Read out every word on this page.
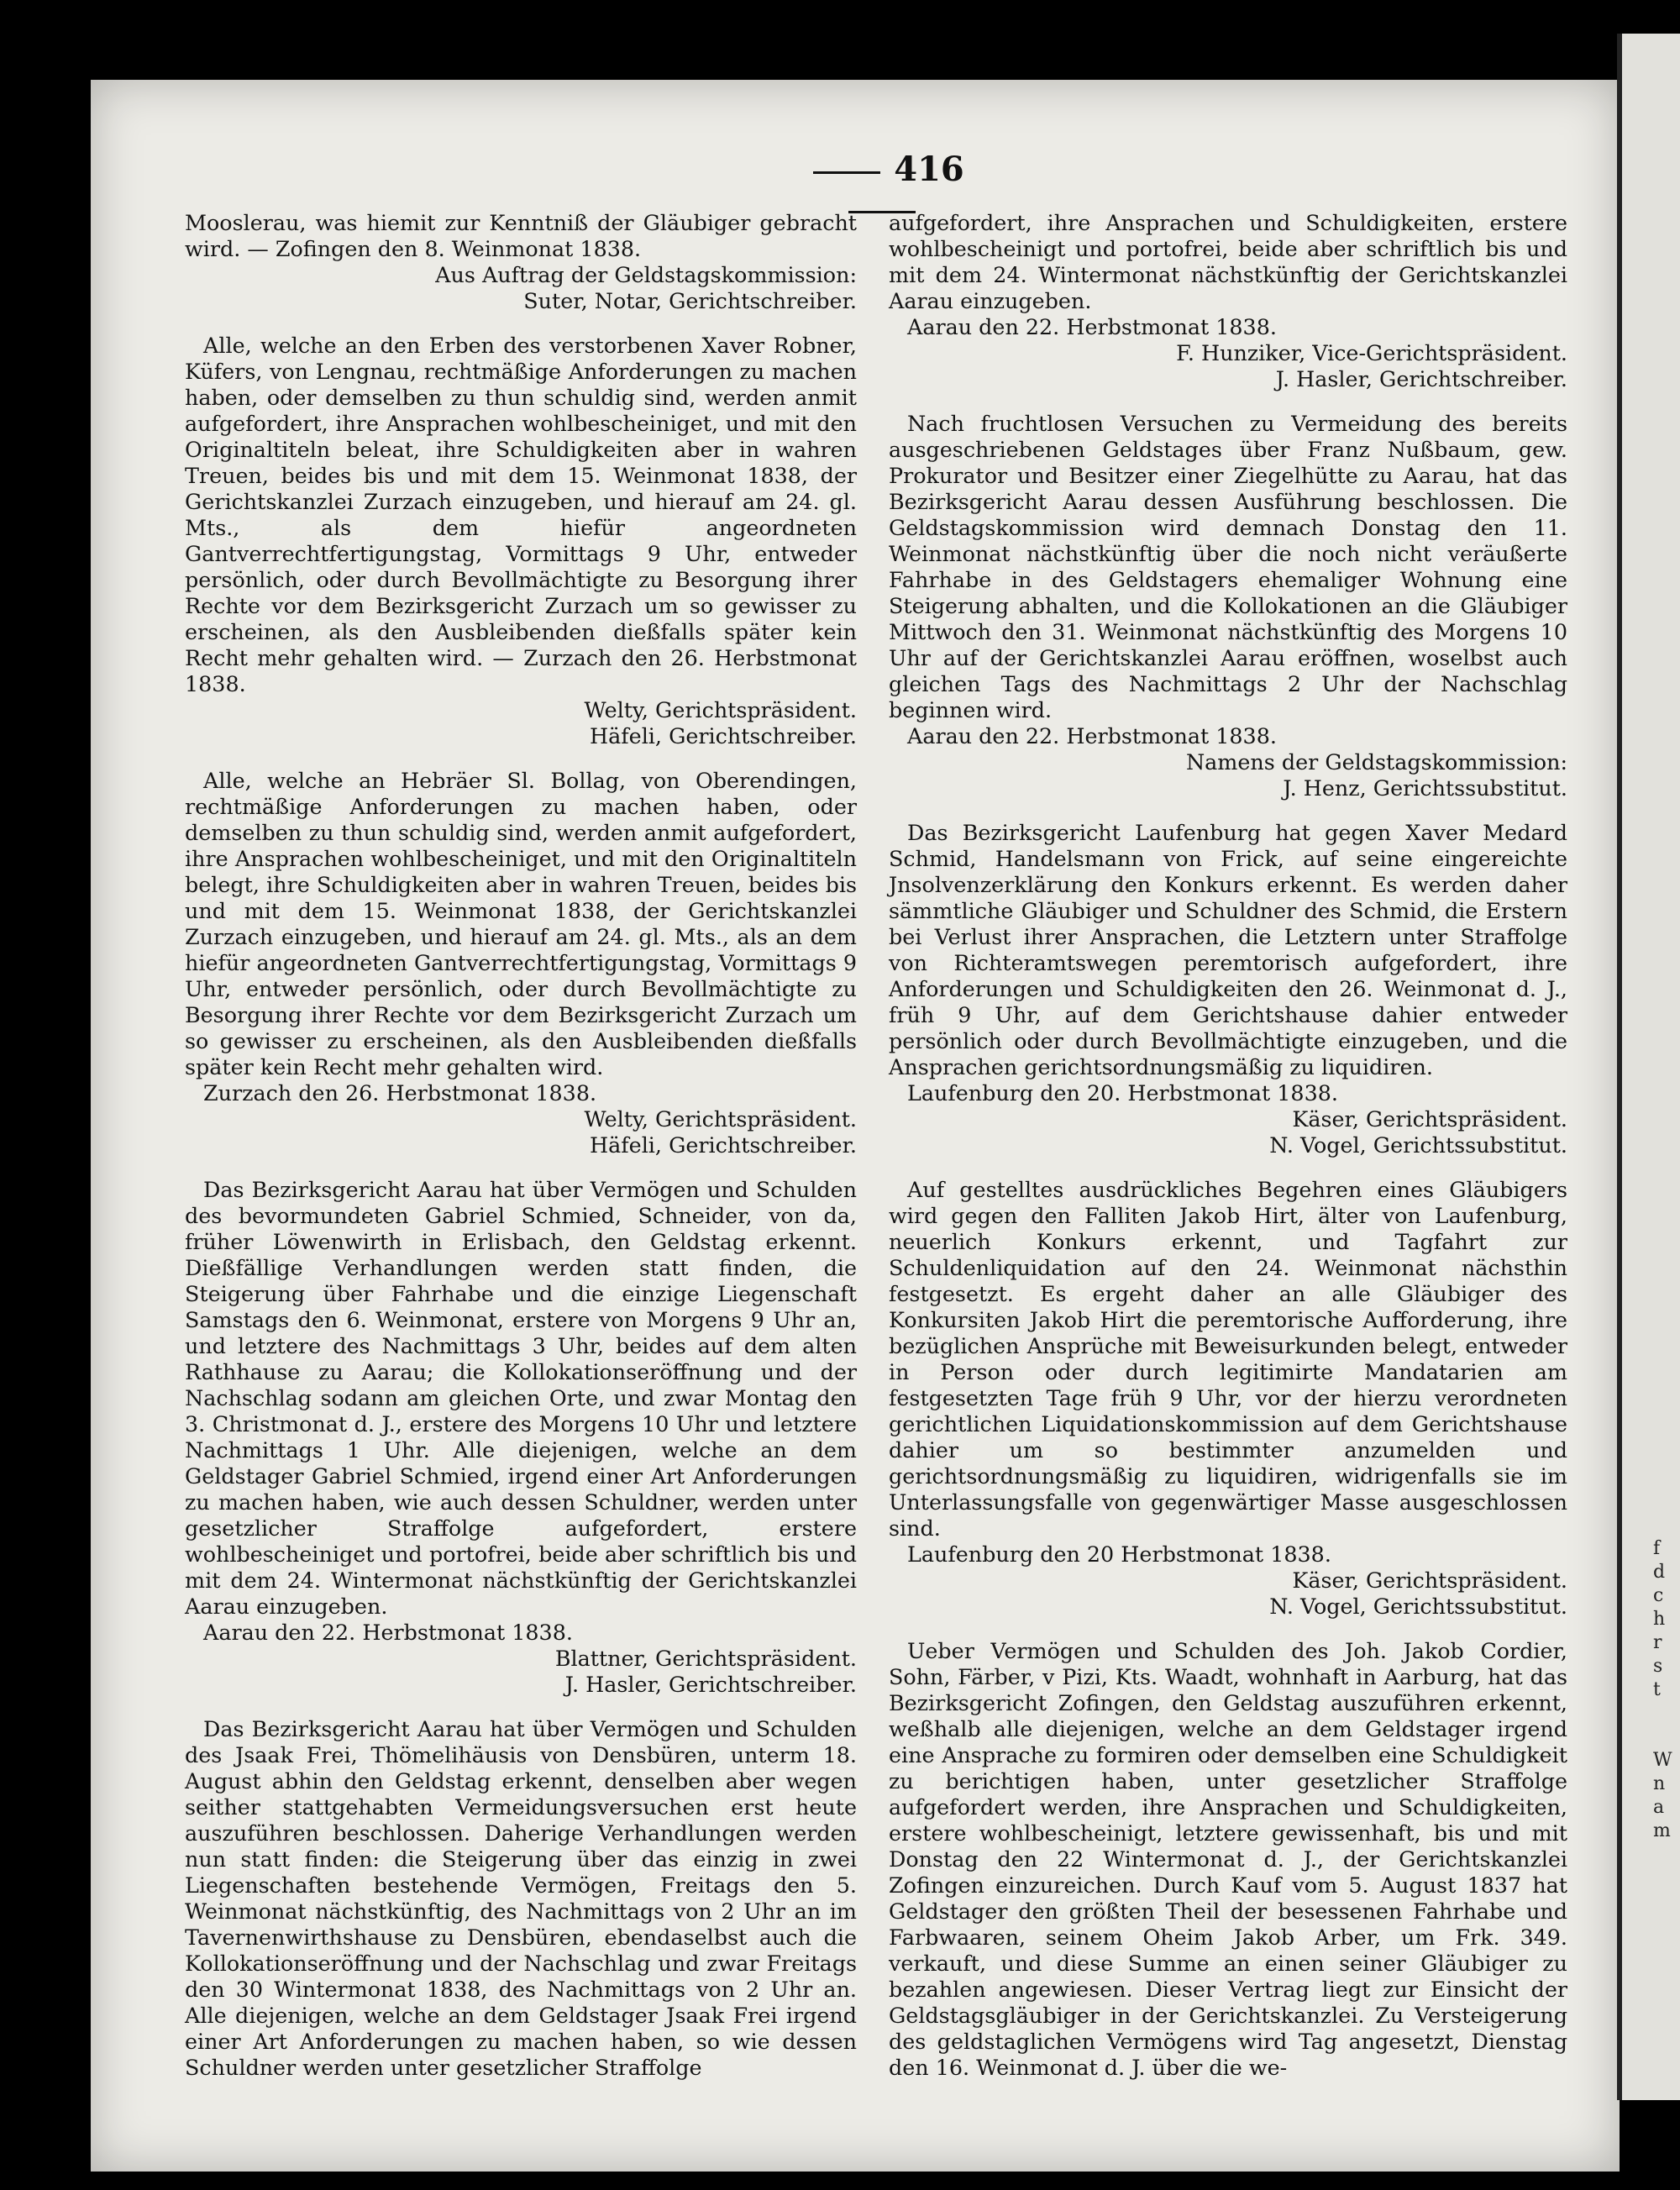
f
d
c
h
r
s
t

W
n
a
m
416

Mooslerau, was hiemit zur Kenntniß der Gläubiger gebracht wird. — Zofingen den 8. Weinmonat 1838.

Aus Auftrag der Geldstagskommission:

Suter, Notar, Gerichtschreiber.

Alle, welche an den Erben des verstorbenen Xaver Robner, Küfers, von Lengnau, rechtmäßige Anforderungen zu machen haben, oder demselben zu thun schuldig sind, werden anmit aufgefordert, ihre Ansprachen wohlbescheiniget, und mit den Originaltiteln beleat, ihre Schuldigkeiten aber in wahren Treuen, beides bis und mit dem 15. Weinmonat 1838, der Gerichtskanzlei Zurzach einzugeben, und hierauf am 24. gl. Mts., als dem hiefür angeordneten Gantverrechtfertigungstag, Vormittags 9 Uhr, entweder persönlich, oder durch Bevollmächtigte zu Besorgung ihrer Rechte vor dem Bezirksgericht Zurzach um so gewisser zu erscheinen, als den Ausbleibenden dießfalls später kein Recht mehr gehalten wird. — Zurzach den 26. Herbstmonat 1838.

Welty, Gerichtspräsident.

Häfeli, Gerichtschreiber.

Alle, welche an Hebräer Sl. Bollag, von Oberendingen, rechtmäßige Anforderungen zu machen haben, oder demselben zu thun schuldig sind, werden anmit aufgefordert, ihre Ansprachen wohlbescheiniget, und mit den Originaltiteln belegt, ihre Schuldigkeiten aber in wahren Treuen, beides bis und mit dem 15. Weinmonat 1838, der Gerichtskanzlei Zurzach einzugeben, und hierauf am 24. gl. Mts., als an dem hiefür angeordneten Gantverrechtfertigungstag, Vormittags 9 Uhr, entweder persönlich, oder durch Bevollmächtigte zu Besorgung ihrer Rechte vor dem Bezirksgericht Zurzach um so gewisser zu erscheinen, als den Ausbleibenden dießfalls später kein Recht mehr gehalten wird.

Zurzach den 26. Herbstmonat 1838.

Welty, Gerichtspräsident.

Häfeli, Gerichtschreiber.

Das Bezirksgericht Aarau hat über Vermögen und Schulden des bevormundeten Gabriel Schmied, Schneider, von da, früher Löwenwirth in Erlisbach, den Geldstag erkennt. Dießfällige Verhandlungen werden statt finden, die Steigerung über Fahrhabe und die einzige Liegenschaft Samstags den 6. Weinmonat, erstere von Morgens 9 Uhr an, und letztere des Nachmittags 3 Uhr, beides auf dem alten Rathhause zu Aarau; die Kollokationseröffnung und der Nachschlag sodann am gleichen Orte, und zwar Montag den 3. Christmonat d. J., erstere des Morgens 10 Uhr und letztere Nachmittags 1 Uhr. Alle diejenigen, welche an dem Geldstager Gabriel Schmied, irgend einer Art Anforderungen zu machen haben, wie auch dessen Schuldner, werden unter gesetzlicher Straffolge aufgefordert, erstere wohlbescheiniget und portofrei, beide aber schriftlich bis und mit dem 24. Wintermonat nächstkünftig der Gerichtskanzlei Aarau einzugeben.

Aarau den 22. Herbstmonat 1838.

Blattner, Gerichtspräsident.

J. Hasler, Gerichtschreiber.

Das Bezirksgericht Aarau hat über Vermögen und Schulden des Jsaak Frei, Thömelihäusis von Densbüren, unterm 18. August abhin den Geldstag erkennt, denselben aber wegen seither stattgehabten Vermeidungsversuchen erst heute auszuführen beschlossen. Daherige Verhandlungen werden nun statt finden: die Steigerung über das einzig in zwei Liegenschaften bestehende Vermögen, Freitags den 5. Weinmonat nächstkünftig, des Nachmittags von 2 Uhr an im Tavernenwirthshause zu Densbüren, ebendaselbst auch die Kollokationseröffnung und der Nachschlag und zwar Freitags den 30 Wintermonat 1838, des Nachmittags von 2 Uhr an. Alle diejenigen, welche an dem Geldstager Jsaak Frei irgend einer Art Anforderungen zu machen haben, so wie dessen Schuldner werden unter gesetzlicher Straffolge

aufgefordert, ihre Ansprachen und Schuldigkeiten, erstere wohlbescheinigt und portofrei, beide aber schriftlich bis und mit dem 24. Wintermonat nächstkünftig der Gerichtskanzlei Aarau einzugeben.

Aarau den 22. Herbstmonat 1838.

F. Hunziker, Vice-Gerichtspräsident.

J. Hasler, Gerichtschreiber.

Nach fruchtlosen Versuchen zu Vermeidung des bereits ausgeschriebenen Geldstages über Franz Nußbaum, gew. Prokurator und Besitzer einer Ziegelhütte zu Aarau, hat das Bezirksgericht Aarau dessen Ausführung beschlossen. Die Geldstagskommission wird demnach Donstag den 11. Weinmonat nächstkünftig über die noch nicht veräußerte Fahrhabe in des Geldstagers ehemaliger Wohnung eine Steigerung abhalten, und die Kollokationen an die Gläubiger Mittwoch den 31. Weinmonat nächstkünftig des Morgens 10 Uhr auf der Gerichtskanzlei Aarau eröffnen, woselbst auch gleichen Tags des Nachmittags 2 Uhr der Nachschlag beginnen wird.

Aarau den 22. Herbstmonat 1838.

Namens der Geldstagskommission:

J. Henz, Gerichtssubstitut.

Das Bezirksgericht Laufenburg hat gegen Xaver Medard Schmid, Handelsmann von Frick, auf seine eingereichte Jnsolvenzerklärung den Konkurs erkennt. Es werden daher sämmtliche Gläubiger und Schuldner des Schmid, die Erstern bei Verlust ihrer Ansprachen, die Letztern unter Straffolge von Richteramtswegen peremtorisch aufgefordert, ihre Anforderungen und Schuldigkeiten den 26. Weinmonat d. J., früh 9 Uhr, auf dem Gerichtshause dahier entweder persönlich oder durch Bevollmächtigte einzugeben, und die Ansprachen gerichtsordnungsmäßig zu liquidiren.

Laufenburg den 20. Herbstmonat 1838.

Käser, Gerichtspräsident.

N. Vogel, Gerichtssubstitut.

Auf gestelltes ausdrückliches Begehren eines Gläubigers wird gegen den Falliten Jakob Hirt, älter von Laufenburg, neuerlich Konkurs erkennt, und Tagfahrt zur Schuldenliquidation auf den 24. Weinmonat nächsthin festgesetzt. Es ergeht daher an alle Gläubiger des Konkursiten Jakob Hirt die peremtorische Aufforderung, ihre bezüglichen Ansprüche mit Beweisurkunden belegt, entweder in Person oder durch legitimirte Mandatarien am festgesetzten Tage früh 9 Uhr, vor der hierzu verordneten gerichtlichen Liquidationskommission auf dem Gerichtshause dahier um so bestimmter anzumelden und gerichtsordnungsmäßig zu liquidiren, widrigenfalls sie im Unterlassungsfalle von gegenwärtiger Masse ausgeschlossen sind.

Laufenburg den 20 Herbstmonat 1838.

Käser, Gerichtspräsident.

N. Vogel, Gerichtssubstitut.

Ueber Vermögen und Schulden des Joh. Jakob Cordier, Sohn, Färber, v Pizi, Kts. Waadt, wohnhaft in Aarburg, hat das Bezirksgericht Zofingen, den Geldstag auszuführen erkennt, weßhalb alle diejenigen, welche an dem Geldstager irgend eine Ansprache zu formiren oder demselben eine Schuldigkeit zu berichtigen haben, unter gesetzlicher Straffolge aufgefordert werden, ihre Ansprachen und Schuldigkeiten, erstere wohlbescheinigt, letztere gewissenhaft, bis und mit Donstag den 22 Wintermonat d. J., der Gerichtskanzlei Zofingen einzureichen. Durch Kauf vom 5. August 1837 hat Geldstager den größten Theil der besessenen Fahrhabe und Farbwaaren, seinem Oheim Jakob Arber, um Frk. 349. verkauft, und diese Summe an einen seiner Gläubiger zu bezahlen angewiesen. Dieser Vertrag liegt zur Einsicht der Geldstagsgläubiger in der Gerichtskanzlei. Zu Versteigerung des geldstaglichen Vermögens wird Tag angesetzt, Dienstag den 16. Weinmonat d. J. über die we-
